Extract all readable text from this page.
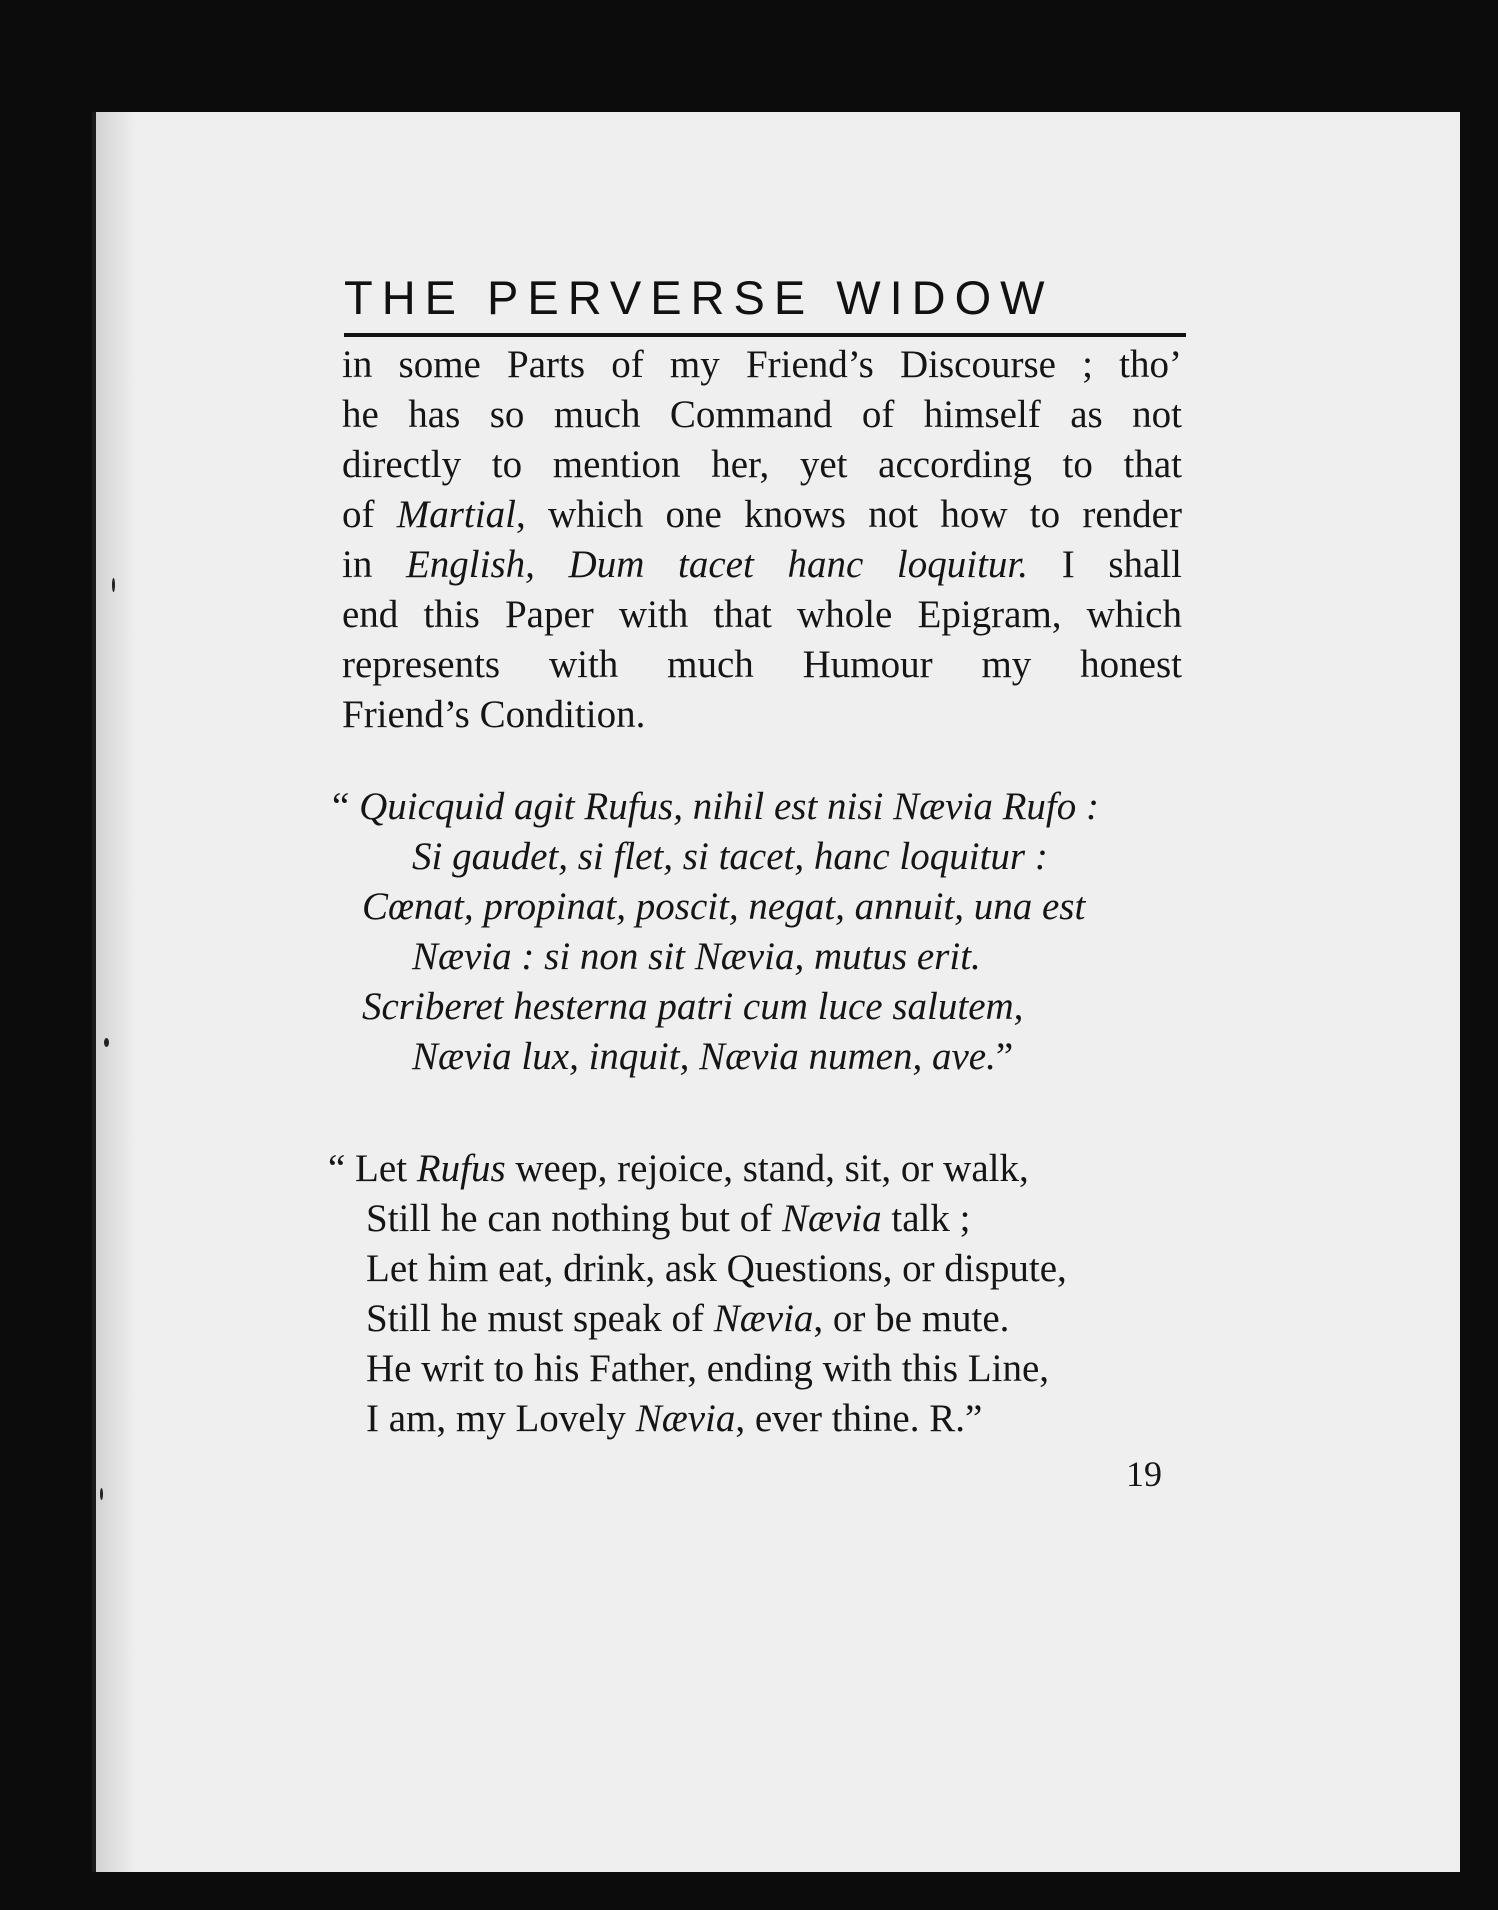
THE PERVERSE WIDOW
in some Parts of my Friend’s Discourse ; tho’
he has so much Command of himself as not
directly to mention her, yet according to that
of Martial, which one knows not how to render
in English, Dum tacet hanc loquitur. I shall
end this Paper with that whole Epigram, which
represents with much Humour my honest
Friend’s Condition.
“ Quicquid agit Rufus, nihil est nisi Nævia Rufo :
Si gaudet, si flet, si tacet, hanc loquitur :
Cœnat, propinat, poscit, negat, annuit, una est
Nævia : si non sit Nævia, mutus erit.
Scriberet hesterna patri cum luce salutem,
Nævia lux, inquit, Nævia numen, ave.”
“ Let Rufus weep, rejoice, stand, sit, or walk,
Still he can nothing but of Nævia talk ;
Let him eat, drink, ask Questions, or dispute,
Still he must speak of Nævia, or be mute.
He writ to his Father, ending with this Line,
I am, my Lovely Nævia, ever thine. R.”
19
